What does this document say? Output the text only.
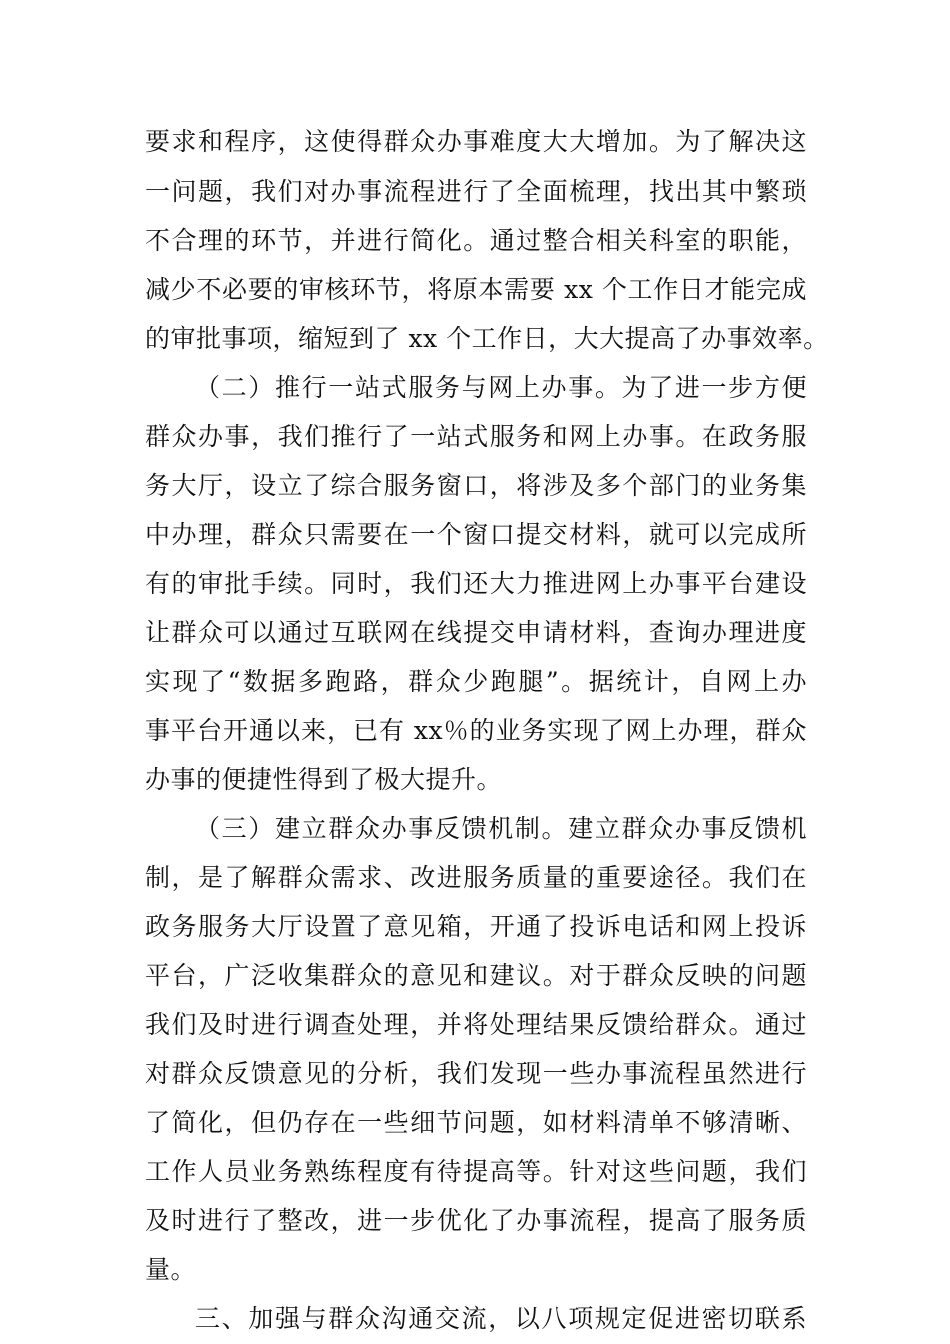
要求和程序，这使得群众办事难度大大增加。为了解决这
一问题，我们对办事流程进行了全面梳理，找出其中繁琐
不合理的环节，并进行简化。通过整合相关科室的职能，
减少不必要的审核环节，将原本需要 xx 个工作日才能完成
的审批事项，缩短到了 xx 个工作日，大大提高了办事效率。
（二）推行一站式服务与网上办事。为了进一步方便
群众办事，我们推行了一站式服务和网上办事。在政务服
务大厅，设立了综合服务窗口，将涉及多个部门的业务集
中办理，群众只需要在一个窗口提交材料，就可以完成所
有的审批手续。同时，我们还大力推进网上办事平台建设
让群众可以通过互联网在线提交申请材料，查询办理进度
实现了“数据多跑路，群众少跑腿”。据统计，自网上办
事平台开通以来，已有 xx％的业务实现了网上办理，群众
办事的便捷性得到了极大提升。
（三）建立群众办事反馈机制。建立群众办事反馈机
制，是了解群众需求、改进服务质量的重要途径。我们在
政务服务大厅设置了意见箱，开通了投诉电话和网上投诉
平台，广泛收集群众的意见和建议。对于群众反映的问题
我们及时进行调查处理，并将处理结果反馈给群众。通过
对群众反馈意见的分析，我们发现一些办事流程虽然进行
了简化，但仍存在一些细节问题，如材料清单不够清晰、
工作人员业务熟练程度有待提高等。针对这些问题，我们
及时进行了整改，进一步优化了办事流程，提高了服务质
量。
三、加强与群众沟通交流，以八项规定促进密切联系
